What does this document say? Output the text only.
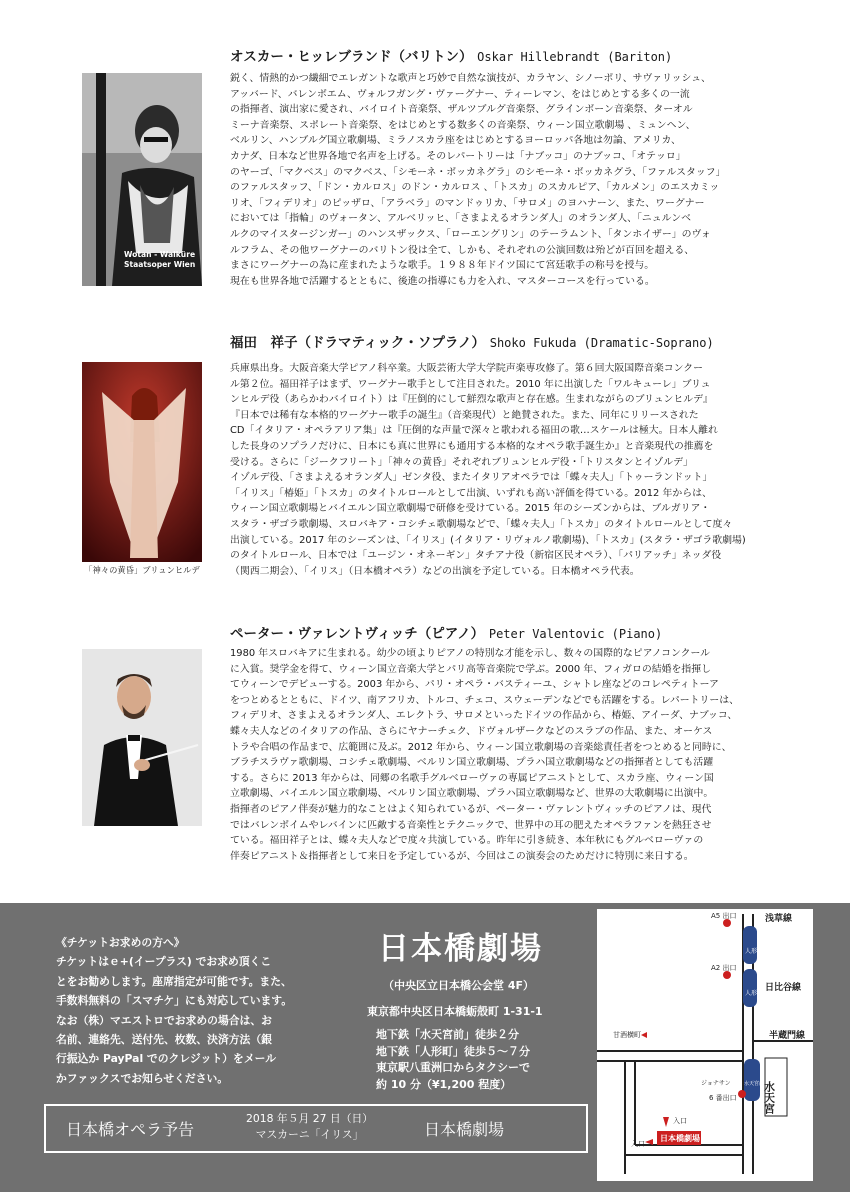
Wotan - Walküre
Staatsoper Wien
オスカー・ヒッレブランド（バリトン） Oskar Hillebrandt (Bariton)
鋭く、情熱的かつ繊細でエレガントな歌声と巧妙で自然な演技が、カラヤン、シノーポリ、サヴァリッシュ、
アッバード、バレンボエム、ヴォルフガング・ヴァーグナー、ティーレマン、をはじめとする多くの一流
の指揮者、演出家に愛され、バイロイト音楽祭、ザルツブルグ音楽祭、グラインボーン音楽祭、ターオル
ミーナ音楽祭、スポレート音楽祭、をはじめとする数多くの音楽祭、ウィーン国立歌劇場 、ミュンヘン、
ベルリン、ハンブルグ国立歌劇場、ミラノスカラ座をはじめとするヨーロッパ各地は勿論、アメリカ、
カナダ、日本など世界各地で名声を上げる。そのレパートリーは「ナブッコ」のナブッコ、「オテッロ」
のヤーゴ、「マクベス」のマクベス、「シモーネ・ボッカネグラ」のシモーネ・ボッカネグラ、「ファルスタッフ」
のファルスタッフ、「ドン・カルロス」のドン・カルロス 、「トスカ」のスカルピア、「カルメン」のエスカミッ
リオ、「フィデリオ」のピッザロ、「アラベラ」のマンドゥリカ、「サロメ」のヨハナーン、また、ワーグナー
においては「指輪」のヴォータン、アルベリッヒ、「さまよえるオランダ人」のオランダ人、「ニュルンベ
ルクのマイスタージンガー」のハンスザックス、「ローエングリン」のテーラムント、「タンホイザー」のヴォ
ルフラム、その他ワーグナーのバリトン役は全て、しかも、それぞれの公演回数は殆どが百回を超える、
まさにワーグナーの為に産まれたような歌手。１９８８年ドイツ国にて宮廷歌手の称号を授与。
現在も世界各地で活躍するとともに、後進の指導にも力を入れ、マスターコースを行っている。
「神々の黄昏」ブリュンヒルデ
福田　祥子（ドラマティック・ソプラノ） Shoko Fukuda (Dramatic-Soprano)
兵庫県出身。大阪音楽大学ピアノ科卒業。大阪芸術大学大学院声楽専攻修了。第６回大阪国際音楽コンクー
ル第２位。福田祥子はまず、ワーグナー歌手として注目された。2010 年に出演した「ワルキューレ」ブリュ
ンヒルデ役（あらかわバイロイト）は『圧倒的にして鮮烈な歌声と存在感。生まれながらのブリュンヒルデ』
『日本では稀有な本格的ワーグナー歌手の誕生』（音楽現代）と絶賛された。また、同年にリリースされた
CD「イタリア・オペラアリア集」は『圧倒的な声量で深々と歌われる福田の歌…スケールは極大。日本人離れ
した長身のソプラノだけに、日本にも真に世界にも通用する本格的なオペラ歌手誕生か』と音楽現代の推薦を
受ける。さらに「ジークフリート」「神々の黄昏」それぞれブリュンヒルデ役・「トリスタンとイゾルデ」
イゾルデ役、「さまよえるオランダ人」ゼンタ役、またイタリアオペラでは「蝶々夫人」「トゥーランドット」
「イリス」「椿姫」「トスカ」のタイトルロールとして出演、いずれも高い評価を得ている。2012 年からは、
ウィーン国立歌劇場とバイエルン国立歌劇場で研修を受けている。2015 年のシーズンからは、ブルガリア・
スタラ・ザゴラ歌劇場、スロバキア・コシチェ歌劇場などで、「蝶々夫人」「トスカ」のタイトルロールとして度々
出演している。2017 年のシーズンは、「イリス」(イタリア・リヴォルノ歌劇場)、「トスカ」(スタラ・ザゴラ歌劇場)
のタイトルロール、日本では「ユージン・オネーギン」タチアナ役（新宿区民オペラ）、「パリアッチ」ネッダ役
（関西二期会）、「イリス」（日本橋オペラ）などの出演を予定している。日本橋オペラ代表。
ペーター・ヴァレントヴィッチ（ピアノ） Peter Valentovic (Piano)
1980 年スロバキアに生まれる。幼少の頃よりピアノの特別な才能を示し、数々の国際的なピアノコンクール
に入賞。奨学金を得て、ウィーン国立音楽大学とパリ高等音楽院で学ぶ。2000 年、フィガロの結婚を指揮し
てウィーンでデビューする。2003 年から、パリ・オペラ・バスティーユ、シャトレ座などのコレペティトーア
をつとめるとともに、ドイツ、南アフリカ、トルコ、チェコ、スウェーデンなどでも活躍をする。レパートリーは、
フィデリオ、さまよえるオランダ人、エレクトラ、サロメといったドイツの作品から、椿姫、アイーダ、ナブッコ、
蝶々夫人などのイタリアの作品、さらにヤナーチェク、ドヴォルザークなどのスラブの作品、また、オーケス
トラや合唱の作品まで、広範囲に及ぶ。2012 年から、ウィーン国立歌劇場の音楽総責任者をつとめると同時に、
ブラチスラヴァ歌劇場、コシチェ歌劇場、ベルリン国立歌劇場、プラハ国立歌劇場などの指揮者としても活躍
する。さらに 2013 年からは、同郷の名歌手グルベローヴァの専属ピアニストとして、スカラ座、ウィーン国
立歌劇場、バイエルン国立歌劇場、ベルリン国立歌劇場、プラハ国立歌劇場など、世界の大歌劇場に出演中。
指揮者のピアノ伴奏が魅力的なことはよく知られているが、ペーター・ヴァレントヴィッチのピアノは、現代
ではバレンボイムやレバインに匹敵する音楽性とテクニックで、世界中の耳の肥えたオペラファンを熱狂させ
ている。福田祥子とは、蝶々夫人などで度々共演している。昨年に引き続き、本年秋にもグルベローヴァの
伴奏ピアニスト＆指揮者として来日を予定しているが、今回はこの演奏会のためだけに特別に来日する。
《チケットお求めの方へ》
チケットはｅ+(イープラス) でお求め頂くこ
とをお勧めします。座席指定が可能です。また、
手数料無料の「スマチケ」にも対応しています。
なお（株）マエストロでお求めの場合は、お
名前、連絡先、送付先、枚数、決済方法（銀
行振込か PayPal でのクレジット）をメール
かファックスでお知らせください。
日本橋劇場
（中央区立日本橋公会堂 4F）
東京都中央区日本橋蛎殻町 1-31-1
地下鉄「水天宮前」徒歩２分
地下鉄「人形町」徒歩５〜７分
東京駅八重洲口からタクシーで
約 10 分（¥1,200 程度）
日本橋オペラ予告
2018 年５月 27 日（日）
マスカーニ「イリス」	日本橋劇場
A5 出口	浅草線
人形町
A2 出口
人形町
日比谷線
甘酒横町	半蔵門線
水天宮前
ジョナサン
6 番出口 水天宮
入口
日本橋劇場
入口
